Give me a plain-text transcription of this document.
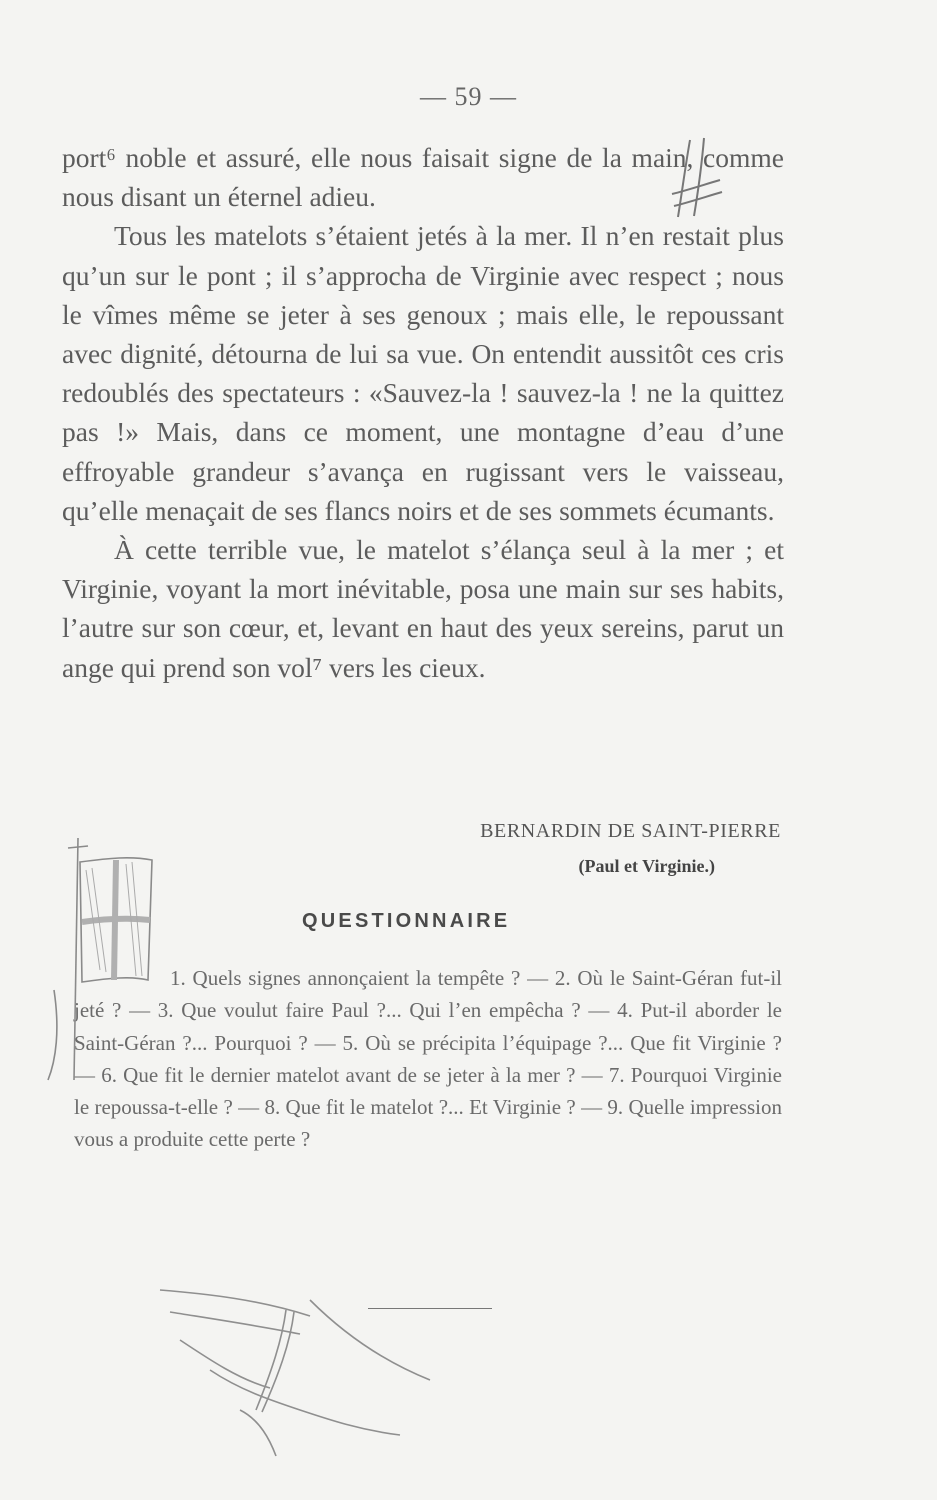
— 59 —

port⁶ noble et assuré, elle nous faisait signe de la main, comme nous disant un éternel adieu.

Tous les matelots s’étaient jetés à la mer. Il n’en restait plus qu’un sur le pont ; il s’approcha de Virginie avec respect ; nous le vîmes même se jeter à ses genoux ; mais elle, le repoussant avec dignité, détourna de lui sa vue. On entendit aussitôt ces cris redoublés des spectateurs : «Sauvez-la ! sauvez-la ! ne la quittez pas !» Mais, dans ce moment, une montagne d’eau d’une effroyable grandeur s’avança en rugissant vers le vaisseau, qu’elle menaçait de ses flancs noirs et de ses sommets écumants.

À cette terrible vue, le matelot s’élança seul à la mer ; et Virginie, voyant la mort inévitable, posa une main sur ses habits, l’autre sur son cœur, et, levant en haut des yeux sereins, parut un ange qui prend son vol⁷ vers les cieux.

BERNARDIN DE SAINT-PIERRE
(Paul et Virginie.)
QUESTIONNAIRE

1. Quels signes annonçaient la tempête ? — 2. Où le Saint-Géran fut-il jeté ? — 3. Que voulut faire Paul ?... Qui l’en empêcha ? — 4. Put-il aborder le Saint-Géran ?... Pourquoi ? — 5. Où se précipita l’équipage ?... Que fit Virginie ? — 6. Que fit le dernier matelot avant de se jeter à la mer ? — 7. Pourquoi Virginie le repoussa-t-elle ? — 8. Que fit le matelot ?... Et Virginie ? — 9. Quelle impression vous a produite cette perte ?
